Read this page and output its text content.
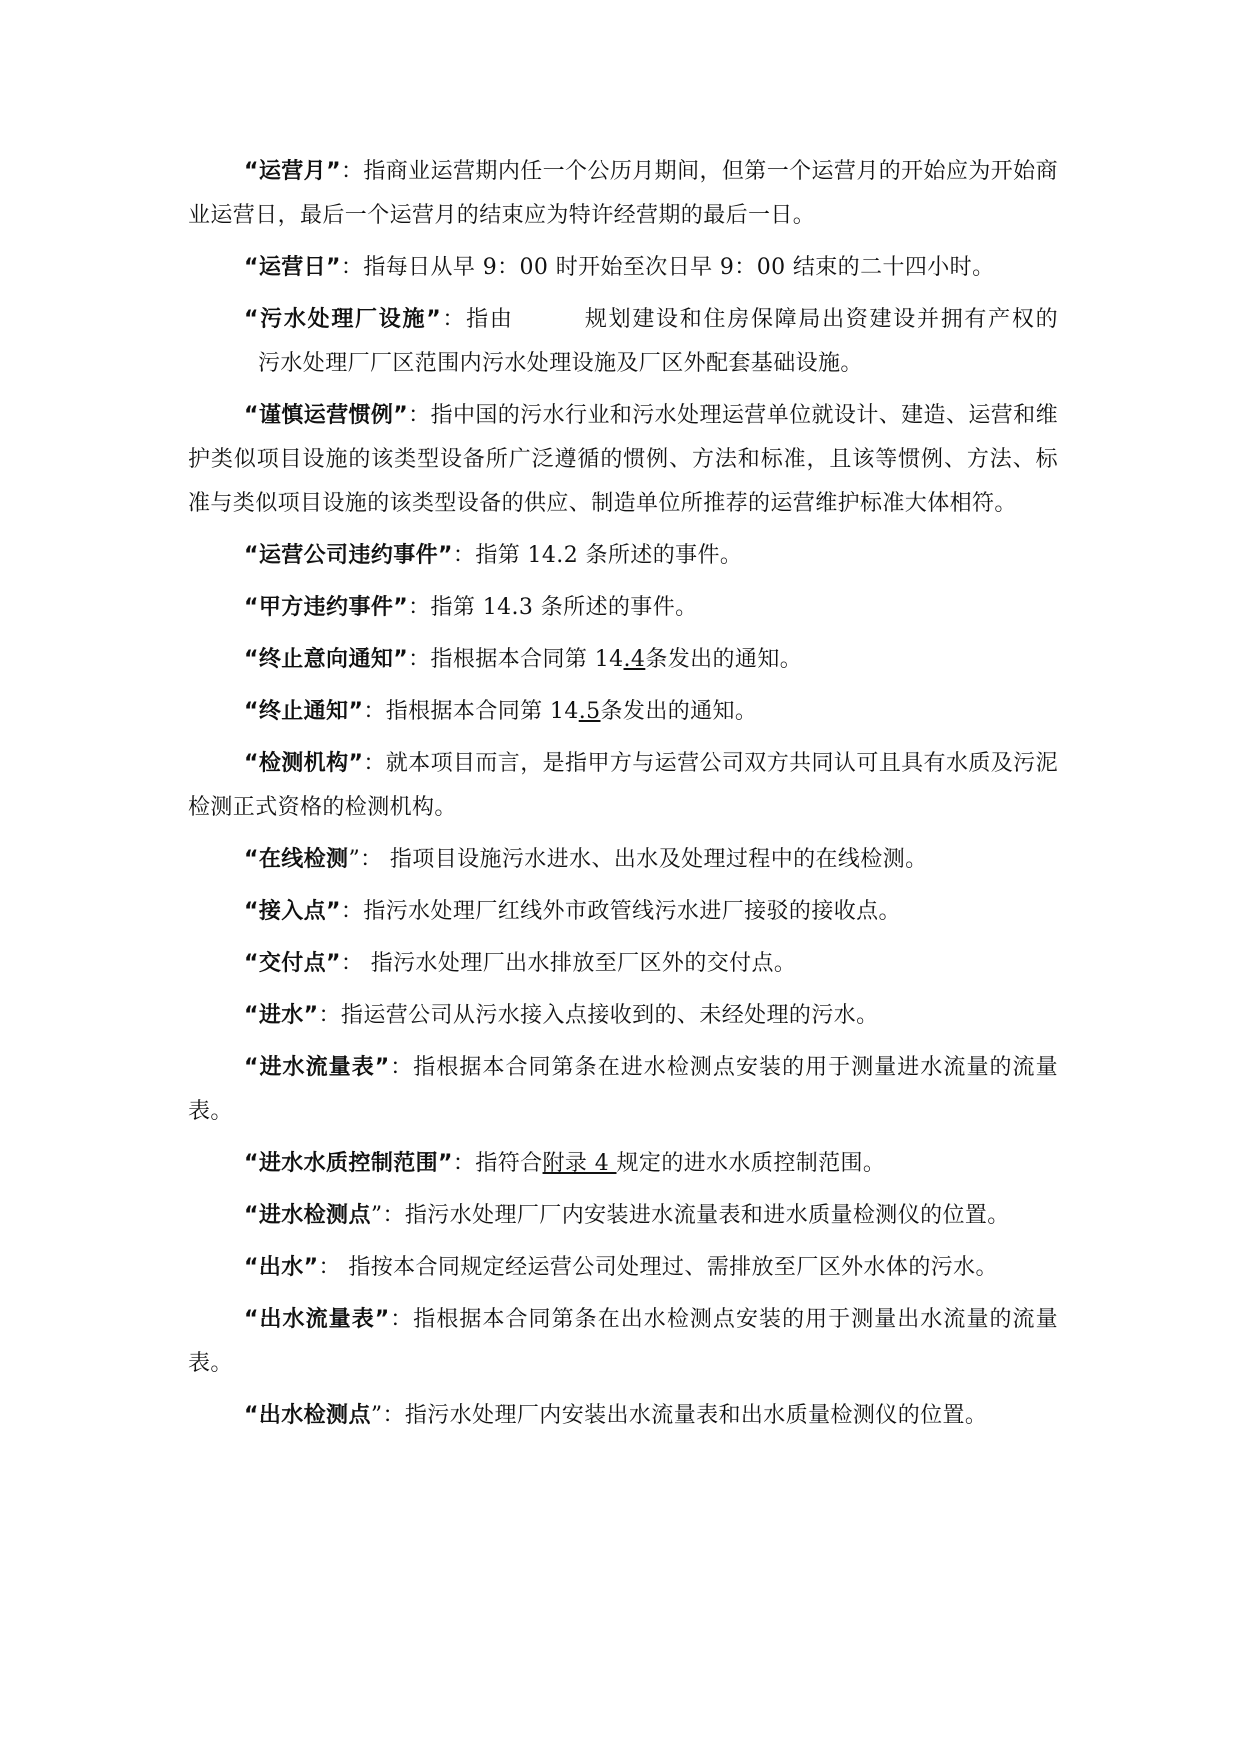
“运营月”：指商业运营期内任一个公历月期间，但第一个运营月的开始应为开始商业运营日，最后一个运营月的结束应为特许经营期的最后一日。

“运营日”：指每日从早 9：00 时开始至次日早 9：00 结束的二十四小时。

“污水处理厂设施”：指由	规划建设和住房保障局出资建设并拥有产权的污水处理厂厂区范围内污水处理设施及厂区外配套基础设施。

“谨慎运营惯例”：指中国的污水行业和污水处理运营单位就设计、建造、运营和维护类似项目设施的该类型设备所广泛遵循的惯例、方法和标准，且该等惯例、方法、标准与类似项目设施的该类型设备的供应、制造单位所推荐的运营维护标准大体相符。

“运营公司违约事件”：指第 14.2 条所述的事件。

“甲方违约事件”：指第 14.3 条所述的事件。

“终止意向通知”：指根据本合同第 14.4条发出的通知。

“终止通知”：指根据本合同第 14.5条发出的通知。

“检测机构”：就本项目而言，是指甲方与运营公司双方共同认可且具有水质及污泥检测正式资格的检测机构。

“在线检测”： 指项目设施污水进水、出水及处理过程中的在线检测。

“接入点”：指污水处理厂红线外市政管线污水进厂接驳的接收点。

“交付点”： 指污水处理厂出水排放至厂区外的交付点。

“进水”：指运营公司从污水接入点接收到的、未经处理的污水。

“进水流量表”：指根据本合同第条在进水检测点安装的用于测量进水流量的流量表。

“进水水质控制范围”：指符合附录 4 规定的进水水质控制范围。

“进水检测点”：指污水处理厂厂内安装进水流量表和进水质量检测仪的位置。

“出水”： 指按本合同规定经运营公司处理过、需排放至厂区外水体的污水。

“出水流量表”：指根据本合同第条在出水检测点安装的用于测量出水流量的流量表。

“出水检测点”：指污水处理厂内安装出水流量表和出水质量检测仪的位置。
